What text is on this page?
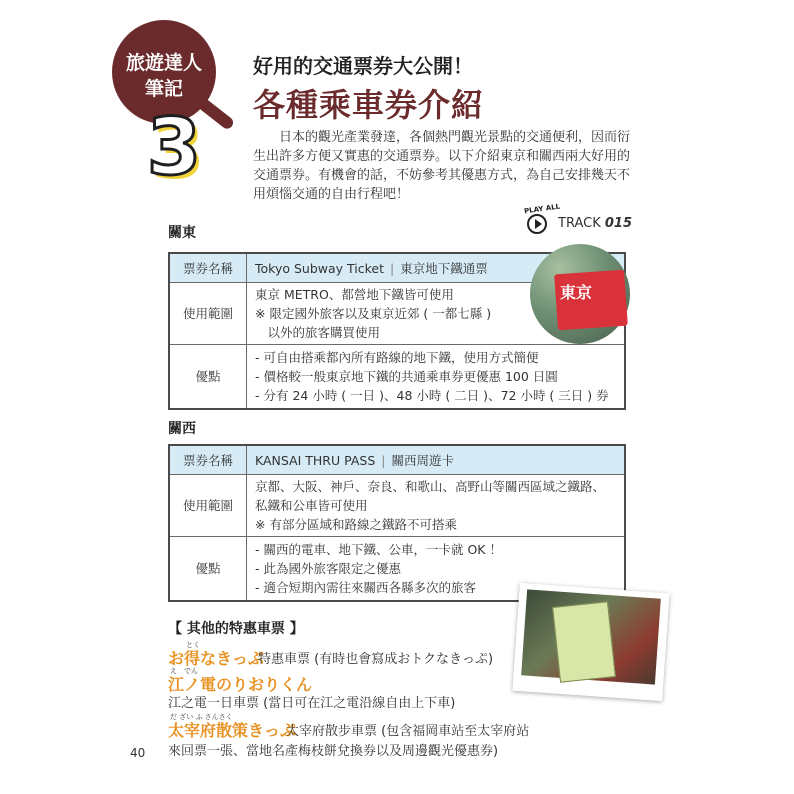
旅遊達人
筆記
3
好用的交通票券大公開！
各種乘車券介紹
日本的觀光產業發達，各個熱門觀光景點的交通便利，因而衍生出許多方便又實惠的交通票券。以下介紹東京和關西兩大好用的交通票券。有機會的話，不妨參考其優惠方式，為自己安排幾天不用煩惱交通的自由行程吧！
關東
PLAY ALL
TRACK 015
票券名稱	Tokyo Subway Ticket | 東京地下鐵通票
使用範圍	東京 METRO、都營地下鐵皆可使用
※ 限定國外旅客以及東京近郊 ( 一都七縣 )
　以外的旅客購買使用

優點	- 可自由搭乘都內所有路線的地下鐵，使用方式簡便
- 價格較一般東京地下鐵的共通乘車券更優惠 100 日圓
- 分有 24 小時 ( 一日 )、48 小時 ( 二日 )、72 小時 ( 三日 ) 券
東京
關西
票券名稱	KANSAI THRU PASS | 關西周遊卡
使用範圍	京都、大阪、神戶、奈良、和歌山、高野山等關西區域之鐵路、
私鐵和公車皆可使用
※ 有部分區域和路線之鐵路不可搭乘

優點	- 關西的電車、地下鐵、公車，一卡就 OK ！
- 此為國外旅客限定之優惠
- 適合短期內需往來關西各縣多次的旅客
【 其他的特惠車票 】
とく
お得なきっぷ
特惠車票 (有時也會寫成おトクなきっぷ)
え　でん
江ノ電のりおりくん
江之電一日車票 (當日可在江之電沿線自由上下車)
だ ざい ふ さんさく
太宰府散策きっぷ
太宰府散步車票 (包含福岡車站至太宰府站
來回票一張、當地名產梅枝餅兌換券以及周邊觀光優惠券)
40
